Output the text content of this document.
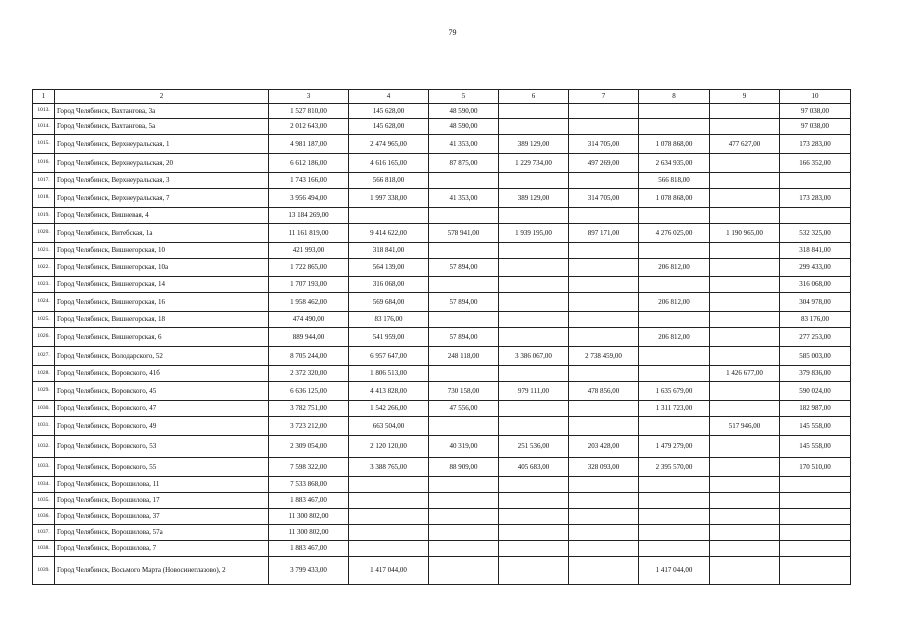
79
1	2	3	4	5	6	7	8	9	10
1013.	Город Челябинск, Вахтангова, 3а	1 527 810,00	145 628,00	48 590,00					97 038,00
1014.	Город Челябинск, Вахтангова, 5а	2 012 643,00	145 628,00	48 590,00					97 038,00
1015.	Город Челябинск, Верхнеуральская, 1	4 981 187,00	2 474 965,00	41 353,00	389 129,00	314 705,00	1 078 868,00	477 627,00	173 283,00
1016.	Город Челябинск, Верхнеуральская, 20	6 612 186,00	4 616 165,00	87 875,00	1 229 734,00	497 269,00	2 634 935,00		166 352,00
1017.	Город Челябинск, Верхнеуральская, 3	1 743 166,00	566 818,00				566 818,00		
1018.	Город Челябинск, Верхнеуральская, 7	3 956 494,00	1 997 338,00	41 353,00	389 129,00	314 705,00	1 078 868,00		173 283,00
1019.	Город Челябинск, Вишневая, 4	13 184 269,00							
1020.	Город Челябинск, Витебская, 1а	11 161 819,00	9 414 622,00	578 941,00	1 939 195,00	897 171,00	4 276 025,00	1 190 965,00	532 325,00
1021.	Город Челябинск, Вишнегорская, 10	421 993,00	318 841,00						318 841,00
1022.	Город Челябинск, Вишнегорская, 10а	1 722 865,00	564 139,00	57 894,00			206 812,00		299 433,00
1023.	Город Челябинск, Вишнегорская, 14	1 707 193,00	316 068,00						316 068,00
1024.	Город Челябинск, Вишнегорская, 16	1 958 462,00	569 684,00	57 894,00			206 812,00		304 978,00
1025.	Город Челябинск, Вишнегорская, 18	474 490,00	83 176,00						83 176,00
1026.	Город Челябинск, Вишнегорская, 6	889 944,00	541 959,00	57 894,00			206 812,00		277 253,00
1027.	Город Челябинск, Володарского, 52	8 705 244,00	6 957 647,00	248 118,00	3 386 067,00	2 738 459,00			585 003,00
1028.	Город Челябинск, Воровского, 41б	2 372 320,00	1 806 513,00					1 426 677,00	379 836,00
1029.	Город Челябинск, Воровского, 45	6 636 125,00	4 413 828,00	730 158,00	979 111,00	478 856,00	1 635 679,00		590 024,00
1030.	Город Челябинск, Воровского, 47	3 782 751,00	1 542 266,00	47 556,00			1 311 723,00		182 987,00
1031.	Город Челябинск, Воровского, 49	3 723 212,00	663 504,00					517 946,00	145 558,00
1032.	Город Челябинск, Воровского, 53	2 309 054,00	2 120 120,00	40 319,00	251 536,00	203 428,00	1 479 279,00		145 558,00
1033.	Город Челябинск, Воровского, 55	7 598 322,00	3 388 765,00	88 909,00	405 683,00	328 093,00	2 395 570,00		170 510,00
1034.	Город Челябинск, Ворошилова, 11	7 533 868,00							
1035.	Город Челябинск, Ворошилова, 17	1 883 467,00							
1036.	Город Челябинск, Ворошилова, 37	11 300 802,00							
1037.	Город Челябинск, Ворошилова, 57а	11 300 802,00							
1038.	Город Челябинск, Ворошилова, 7	1 883 467,00							
1039.	Город Челябинск, Восьмого Марта (Новосинеглазово), 2	3 799 433,00	1 417 044,00				1 417 044,00		
